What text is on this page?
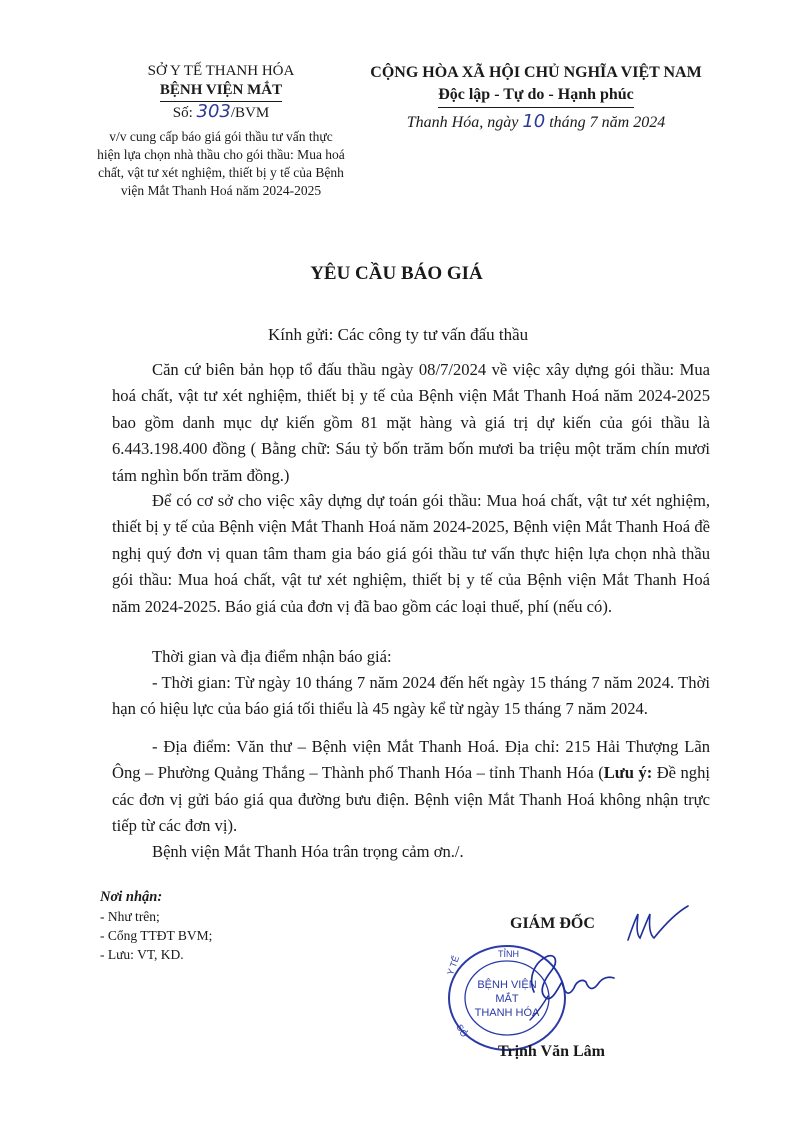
SỞ Y TẾ THANH HÓA
BỆNH VIỆN MẮT
Số: 303/BVM
v/v cung cấp báo giá gói thầu tư vấn thực hiện lựa chọn nhà thầu cho gói thầu: Mua hoá chất, vật tư xét nghiệm, thiết bị y tế của Bệnh viện Mắt Thanh Hoá năm 2024-2025
CỘNG HÒA XÃ HỘI CHỦ NGHĨA VIỆT NAM
Độc lập - Tự do - Hạnh phúc
Thanh Hóa, ngày 10 tháng 7 năm 2024
YÊU CẦU BÁO GIÁ
Kính gửi: Các công ty tư vấn đấu thầu

Căn cứ biên bản họp tổ đấu thầu ngày 08/7/2024 về việc xây dựng gói thầu: Mua hoá chất, vật tư xét nghiệm, thiết bị y tế của Bệnh viện Mắt Thanh Hoá năm 2024-2025 bao gồm danh mục dự kiến gồm 81 mặt hàng và giá trị dự kiến của gói thầu là 6.443.198.400 đồng ( Bằng chữ: Sáu tỷ bốn trăm bốn mươi ba triệu một trăm chín mươi tám nghìn bốn trăm đồng.)

Để có cơ sở cho việc xây dựng dự toán gói thầu: Mua hoá chất, vật tư xét nghiệm, thiết bị y tế của Bệnh viện Mắt Thanh Hoá năm 2024-2025, Bệnh viện Mắt Thanh Hoá đề nghị quý đơn vị quan tâm tham gia báo giá gói thầu tư vấn thực hiện lựa chọn nhà thầu gói thầu: Mua hoá chất, vật tư xét nghiệm, thiết bị y tế của Bệnh viện Mắt Thanh Hoá năm 2024-2025. Báo giá của đơn vị đã bao gồm các loại thuế, phí (nếu có).

Thời gian và địa điểm nhận báo giá:

- Thời gian: Từ ngày 10 tháng 7 năm 2024 đến hết ngày 15 tháng 7 năm 2024. Thời hạn có hiệu lực của báo giá tối thiểu là 45 ngày kể từ ngày 15 tháng 7 năm 2024.

- Địa điểm: Văn thư – Bệnh viện Mắt Thanh Hoá. Địa chỉ: 215 Hải Thượng Lãn Ông – Phường Quảng Thắng – Thành phố Thanh Hóa – tỉnh Thanh Hóa (Lưu ý: Đề nghị các đơn vị gửi báo giá qua đường bưu điện. Bệnh viện Mắt Thanh Hoá không nhận trực tiếp từ các đơn vị).

Bệnh viện Mắt Thanh Hóa trân trọng cảm ơn./.

Nơi nhận:
- Như trên;
- Cổng TTĐT BVM;
- Lưu: VT, KD.
GIÁM ĐỐC
TỈNH
Y TẾ
SỞ
BỆNH VIỆN
MẮT
THANH HÓA
Trịnh Văn Lâm
